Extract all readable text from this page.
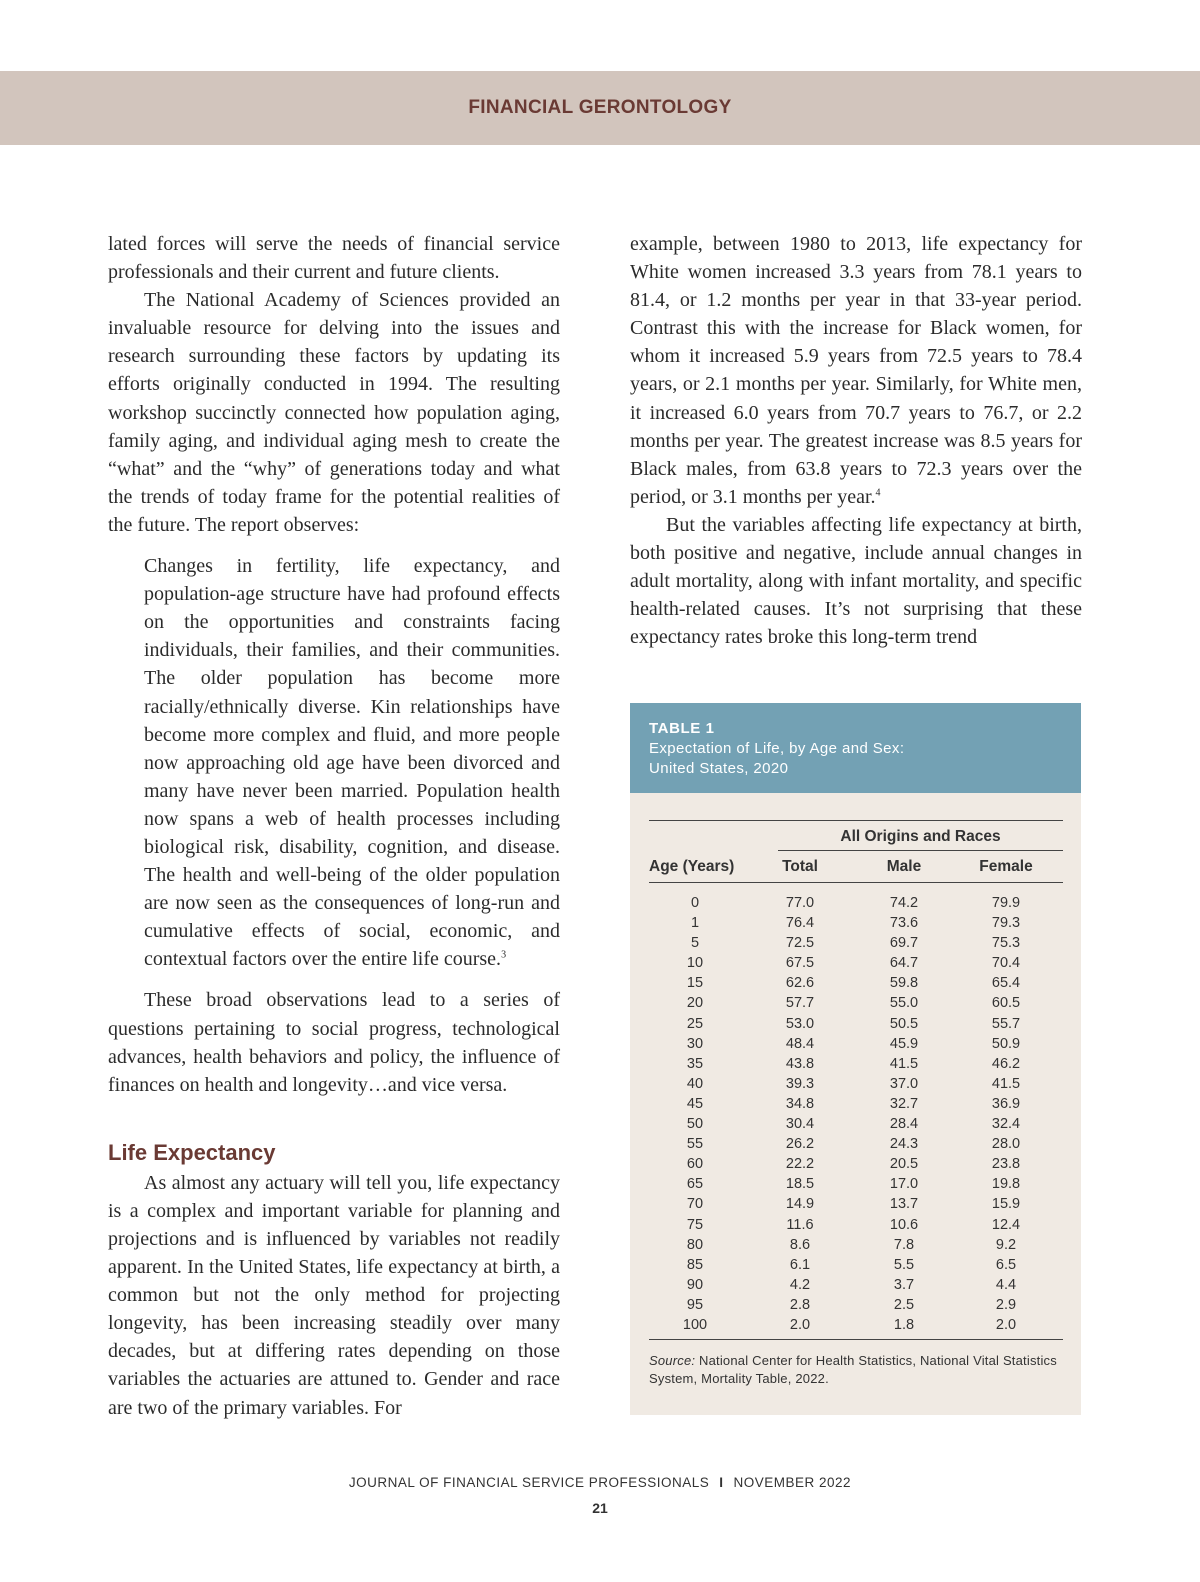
FINANCIAL GERONTOLOGY

lated forces will serve the needs of financial service professionals and their current and future clients.

The National Academy of Sciences provided an invaluable resource for delving into the issues and research surrounding these factors by updating its efforts originally conducted in 1994. The resulting workshop succinctly connected how population aging, family aging, and individual aging mesh to create the “what” and the “why” of generations today and what the trends of today frame for the potential realities of the future. The report observes:

Changes in fertility, life expectancy, and population-age structure have had profound effects on the opportunities and constraints facing individuals, their families, and their communities. The older population has become more racially/ethnically diverse. Kin relationships have become more complex and fluid, and more people now approaching old age have been divorced and many have never been married. Population health now spans a web of health processes including biological risk, disability, cognition, and disease. The health and well-being of the older population are now seen as the consequences of long-run and cumulative effects of social, economic, and contextual factors over the entire life course.$^3$

These broad observations lead to a series of questions pertaining to social progress, technological advances, health behaviors and policy, the influence of finances on health and longevity…and vice versa.

Life Expectancy

As almost any actuary will tell you, life expectancy is a complex and important variable for planning and projections and is influenced by variables not readily apparent. In the United States, life expectancy at birth, a common but not the only method for projecting longevity, has been increasing steadily over many decades, but at differing rates depending on those variables the actuaries are attuned to. Gender and race are two of the primary variables. For

example, between 1980 to 2013, life expectancy for White women increased 3.3 years from 78.1 years to 81.4, or 1.2 months per year in that 33-year period. Contrast this with the increase for Black women, for whom it increased 5.9 years from 72.5 years to 78.4 years, or 2.1 months per year. Similarly, for White men, it increased 6.0 years from 70.7 years to 76.7, or 2.2 months per year. The greatest increase was 8.5 years for Black males, from 63.8 years to 72.3 years over the period, or 3.1 months per year.$^4$

But the variables affecting life expectancy at birth, both positive and negative, include annual changes in adult mortality, along with infant mortality, and specific health-related causes. It’s not surprising that these expectancy rates broke this long-term trend

TABLE 1
Expectation of Life, by Age and Sex:
United States, 2020
All Origins and Races
Age (Years)	Total	Male	Female
0	77.0	74.2	79.9
1	76.4	73.6	79.3
5	72.5	69.7	75.3
10	67.5	64.7	70.4
15	62.6	59.8	65.4
20	57.7	55.0	60.5
25	53.0	50.5	55.7
30	48.4	45.9	50.9
35	43.8	41.5	46.2
40	39.3	37.0	41.5
45	34.8	32.7	36.9
50	30.4	28.4	32.4
55	26.2	24.3	28.0
60	22.2	20.5	23.8
65	18.5	17.0	19.8
70	14.9	13.7	15.9
75	11.6	10.6	12.4
80	8.6	7.8	9.2
85	6.1	5.5	6.5
90	4.2	3.7	4.4
95	2.8	2.5	2.9
100	2.0	1.8	2.0
Source: National Center for Health Statistics, National Vital Statistics System, Mortality Table, 2022.
JOURNAL OF FINANCIAL SERVICE PROFESSIONALS I NOVEMBER 2022
21
